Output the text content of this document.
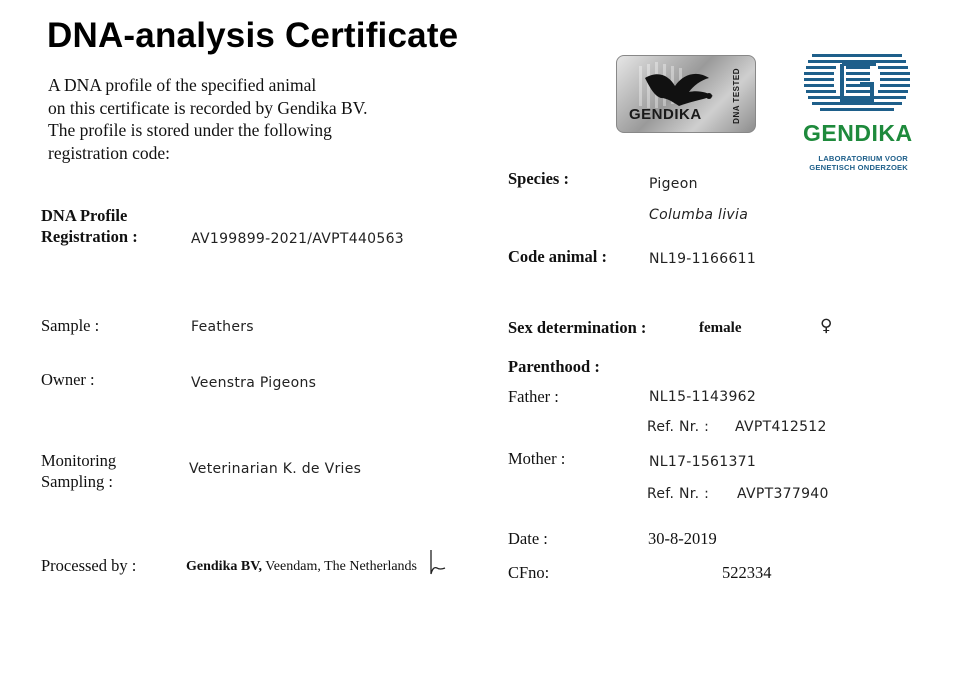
DNA-analysis Certificate
A DNA profile of the specified animal
on this certificate is recorded by Gendika BV.
The profile is stored under the following
registration code:
DNA TESTED
GENDIKA
GENDIKA
LABORATORIUM VOOR
GENETISCH ONDERZOEK
DNA Profile
Registration :	AV199899-2021/AVPT440563
Sample :	Feathers
Owner :	Veenstra Pigeons
Monitoring
Sampling :
Veterinarian K. de Vries
Processed by :	Gendika BV, Veendam, The Netherlands
Species :	Pigeon
Columba livia
Code animal :	NL19-1166611
Sex determination :	female	♀
Parenthood :
Father :	NL15-1143962
Ref. Nr. : AVPT412512
Mother :	NL17-1561371
Ref. Nr. : AVPT377940
Date :	30-8-2019
CFno:	522334
